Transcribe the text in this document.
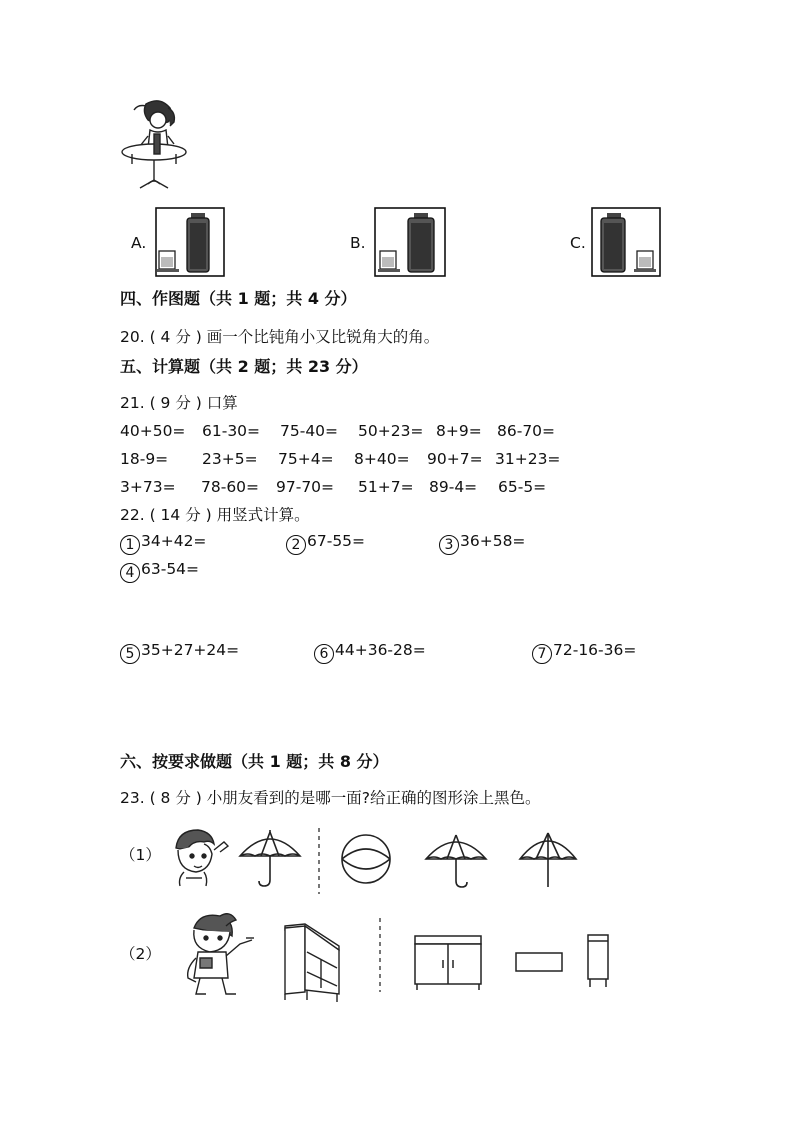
A.	B.	C.
四、作图题（共 1 题；共 4 分）
20. ( 4 分 ) 画一个比钝角小又比锐角大的角。
五、计算题（共 2 题；共 23 分）
21. ( 9 分 ) 口算
40+50= 61-30= 75-40= 50+23= 8+9= 86-70=
18-9= 23+5= 75+4= 8+40= 90+7= 31+23=
3+73= 78-60= 97-70= 51+7= 89-4= 65-5=
22. ( 14 分 ) 用竖式计算。
1 34+42=	2 67-55=	3 36+58=
4 63-54=
5 35+27+24=	6 44+36-28=	7 72-16-36=
六、按要求做题（共 1 题；共 8 分）
23. ( 8 分 ) 小朋友看到的是哪一面?给正确的图形涂上黑色。
（1）
（2）
